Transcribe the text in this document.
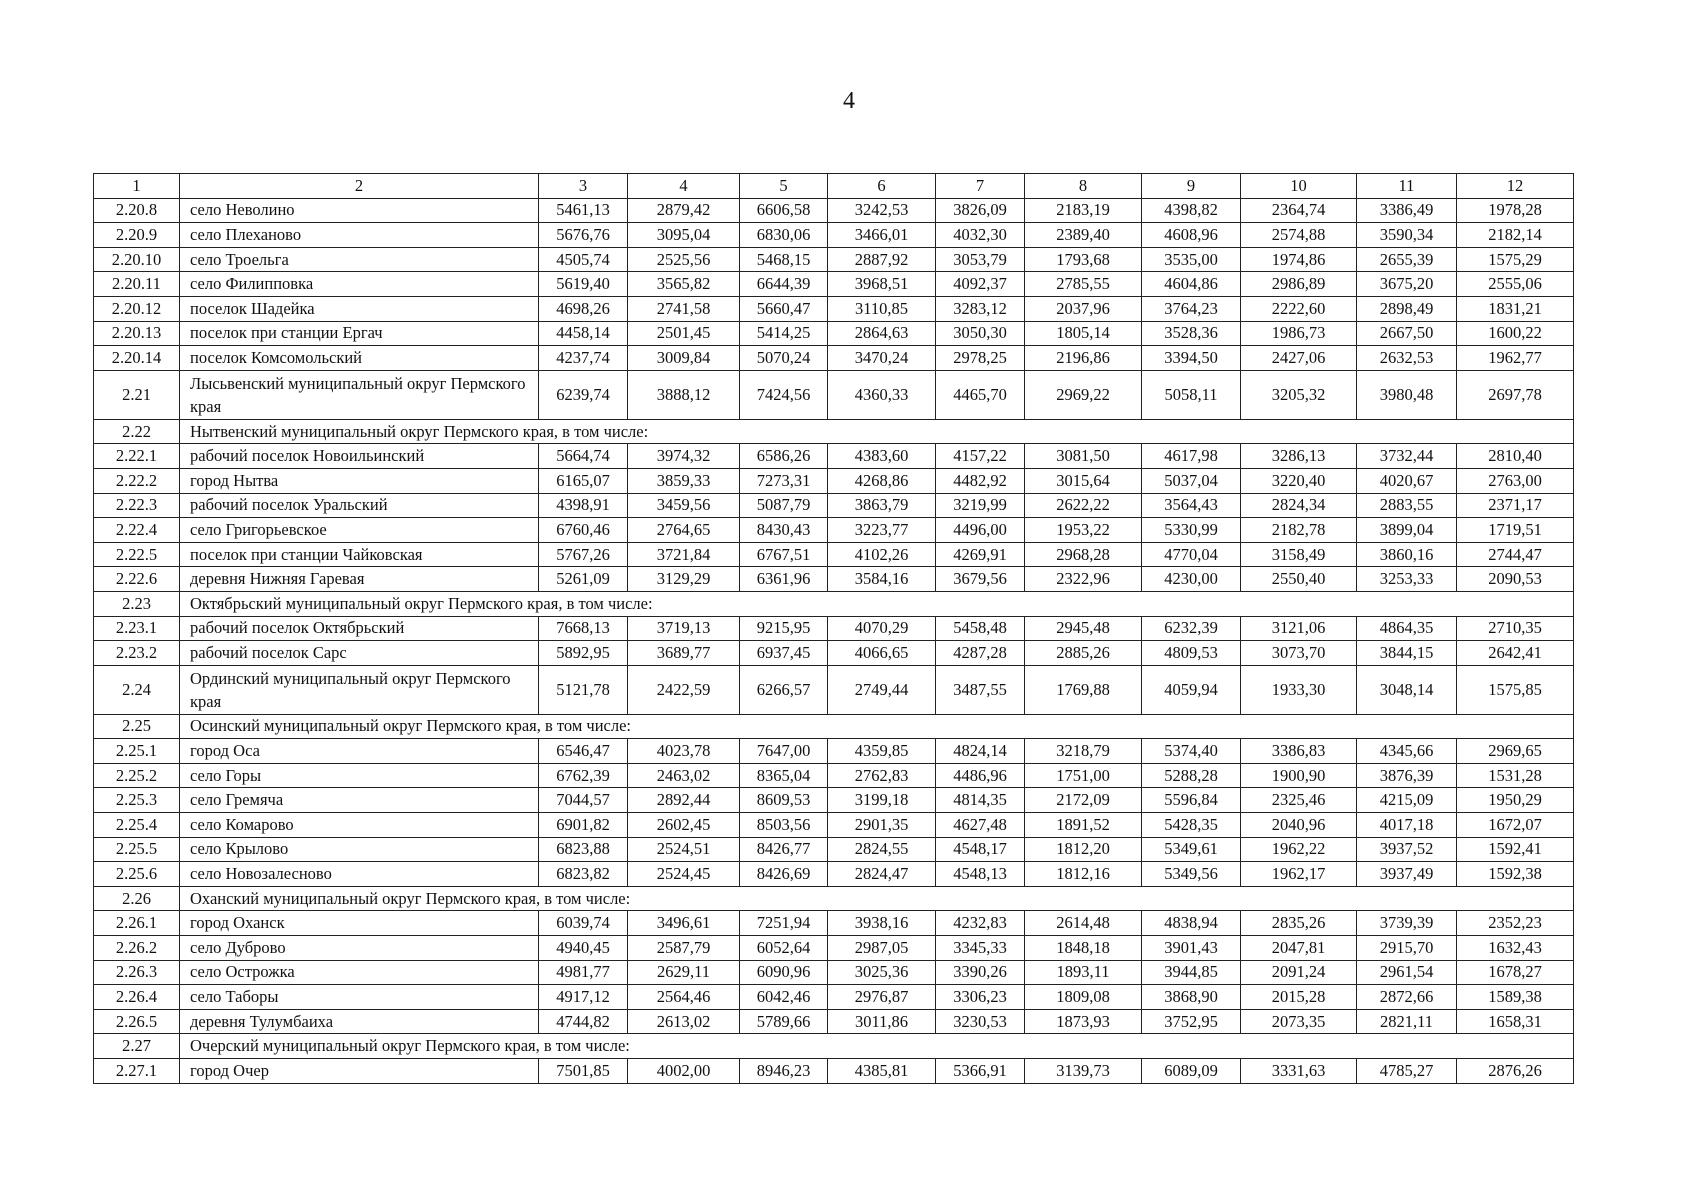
4
1	2	3	4	5	6	7	8	9	10	11	12
2.20.8	село Неволино	5461,13	2879,42	6606,58	3242,53	3826,09	2183,19	4398,82	2364,74	3386,49	1978,28
2.20.9	село Плеханово	5676,76	3095,04	6830,06	3466,01	4032,30	2389,40	4608,96	2574,88	3590,34	2182,14
2.20.10	село Троельга	4505,74	2525,56	5468,15	2887,92	3053,79	1793,68	3535,00	1974,86	2655,39	1575,29
2.20.11	село Филипповка	5619,40	3565,82	6644,39	3968,51	4092,37	2785,55	4604,86	2986,89	3675,20	2555,06
2.20.12	поселок Шадейка	4698,26	2741,58	5660,47	3110,85	3283,12	2037,96	3764,23	2222,60	2898,49	1831,21
2.20.13	поселок при станции Ергач	4458,14	2501,45	5414,25	2864,63	3050,30	1805,14	3528,36	1986,73	2667,50	1600,22
2.20.14	поселок Комсомольский	4237,74	3009,84	5070,24	3470,24	2978,25	2196,86	3394,50	2427,06	2632,53	1962,77
2.21	Лысьвенский муниципальный округ Пермского края	6239,74	3888,12	7424,56	4360,33	4465,70	2969,22	5058,11	3205,32	3980,48	2697,78
2.22	Нытвенский муниципальный округ Пермского края, в том числе:										
2.22.1	рабочий поселок Новоильинский	5664,74	3974,32	6586,26	4383,60	4157,22	3081,50	4617,98	3286,13	3732,44	2810,40
2.22.2	город Нытва	6165,07	3859,33	7273,31	4268,86	4482,92	3015,64	5037,04	3220,40	4020,67	2763,00
2.22.3	рабочий поселок Уральский	4398,91	3459,56	5087,79	3863,79	3219,99	2622,22	3564,43	2824,34	2883,55	2371,17
2.22.4	село Григорьевское	6760,46	2764,65	8430,43	3223,77	4496,00	1953,22	5330,99	2182,78	3899,04	1719,51
2.22.5	поселок при станции Чайковская	5767,26	3721,84	6767,51	4102,26	4269,91	2968,28	4770,04	3158,49	3860,16	2744,47
2.22.6	деревня Нижняя Гаревая	5261,09	3129,29	6361,96	3584,16	3679,56	2322,96	4230,00	2550,40	3253,33	2090,53
2.23	Октябрьский муниципальный округ Пермского края, в том числе:										
2.23.1	рабочий поселок Октябрьский	7668,13	3719,13	9215,95	4070,29	5458,48	2945,48	6232,39	3121,06	4864,35	2710,35
2.23.2	рабочий поселок Сарс	5892,95	3689,77	6937,45	4066,65	4287,28	2885,26	4809,53	3073,70	3844,15	2642,41
2.24	Ординский муниципальный округ Пермского края	5121,78	2422,59	6266,57	2749,44	3487,55	1769,88	4059,94	1933,30	3048,14	1575,85
2.25	Осинский муниципальный округ Пермского края, в том числе:										
2.25.1	город Оса	6546,47	4023,78	7647,00	4359,85	4824,14	3218,79	5374,40	3386,83	4345,66	2969,65
2.25.2	село Горы	6762,39	2463,02	8365,04	2762,83	4486,96	1751,00	5288,28	1900,90	3876,39	1531,28
2.25.3	село Гремяча	7044,57	2892,44	8609,53	3199,18	4814,35	2172,09	5596,84	2325,46	4215,09	1950,29
2.25.4	село Комарово	6901,82	2602,45	8503,56	2901,35	4627,48	1891,52	5428,35	2040,96	4017,18	1672,07
2.25.5	село Крылово	6823,88	2524,51	8426,77	2824,55	4548,17	1812,20	5349,61	1962,22	3937,52	1592,41
2.25.6	село Новозалесново	6823,82	2524,45	8426,69	2824,47	4548,13	1812,16	5349,56	1962,17	3937,49	1592,38
2.26	Оханский муниципальный округ Пермского края, в том числе:										
2.26.1	город Оханск	6039,74	3496,61	7251,94	3938,16	4232,83	2614,48	4838,94	2835,26	3739,39	2352,23
2.26.2	село Дуброво	4940,45	2587,79	6052,64	2987,05	3345,33	1848,18	3901,43	2047,81	2915,70	1632,43
2.26.3	село Острожка	4981,77	2629,11	6090,96	3025,36	3390,26	1893,11	3944,85	2091,24	2961,54	1678,27
2.26.4	село Таборы	4917,12	2564,46	6042,46	2976,87	3306,23	1809,08	3868,90	2015,28	2872,66	1589,38
2.26.5	деревня Тулумбаиха	4744,82	2613,02	5789,66	3011,86	3230,53	1873,93	3752,95	2073,35	2821,11	1658,31
2.27	Очерский муниципальный округ Пермского края, в том числе:										
2.27.1	город Очер	7501,85	4002,00	8946,23	4385,81	5366,91	3139,73	6089,09	3331,63	4785,27	2876,26
